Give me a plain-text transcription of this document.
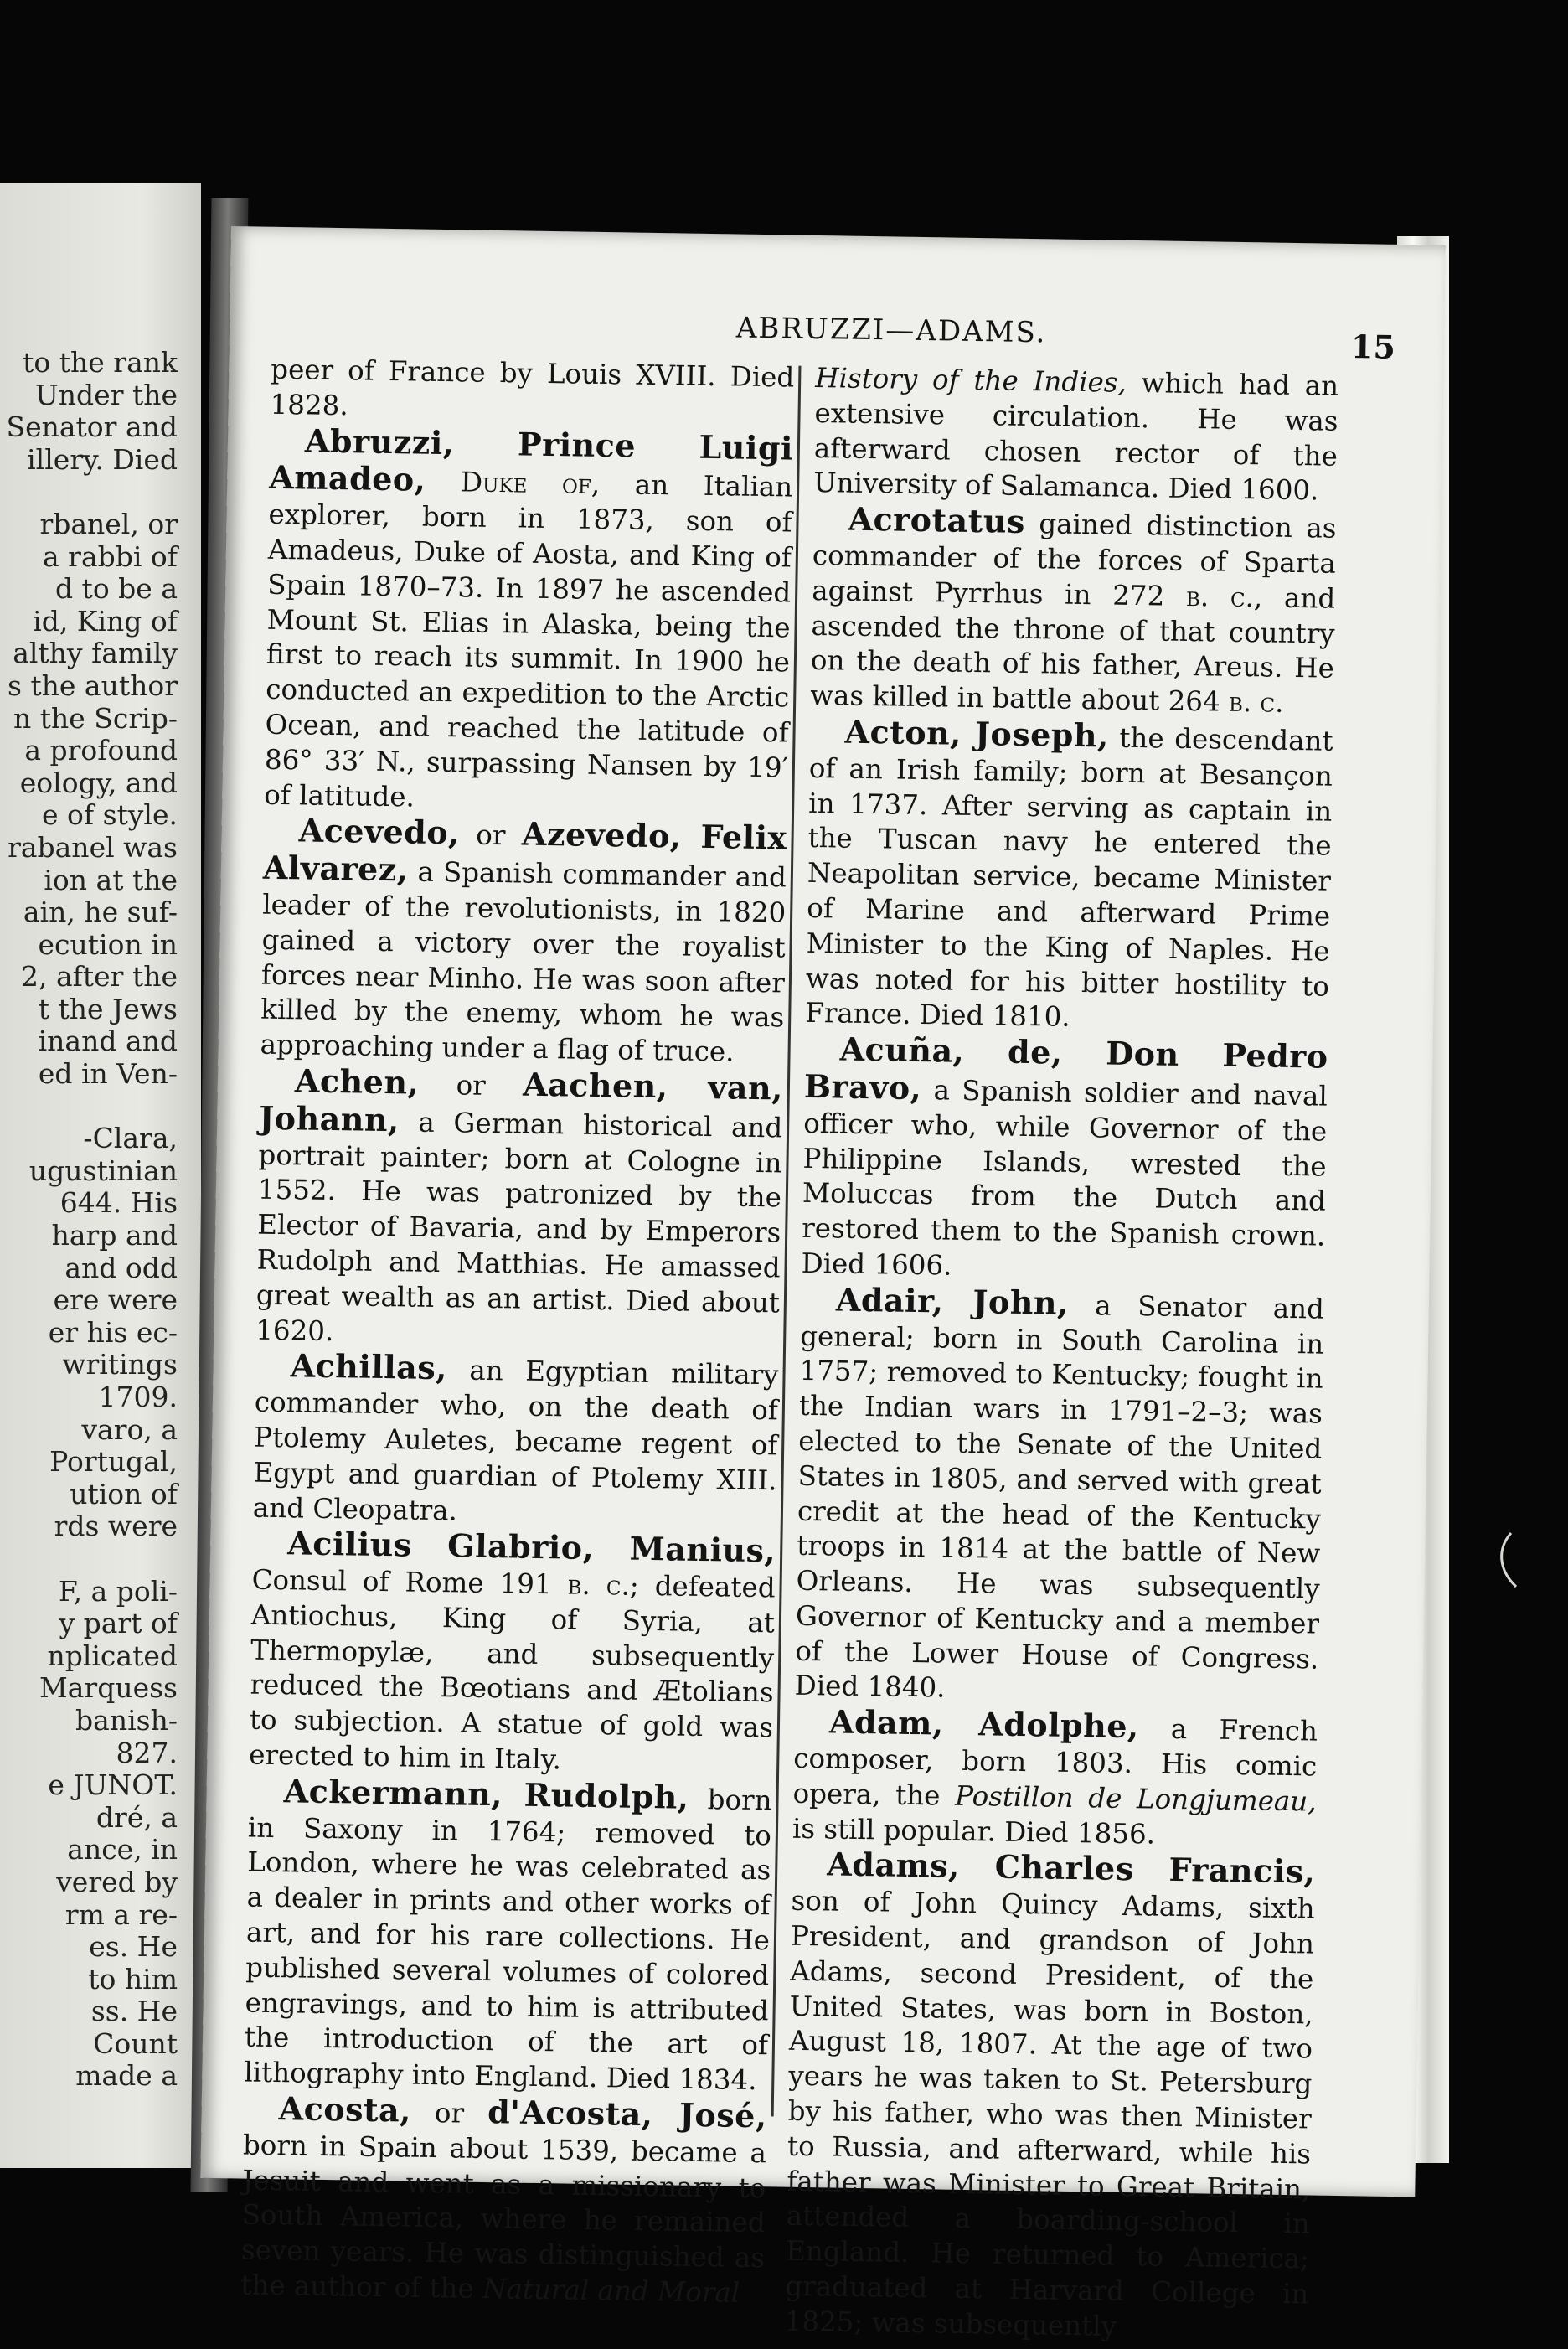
to the rank
Under the
Senator and
illery. Died

rbanel, or
a rabbi of
d to be a
id, King of
althy family
s the author
n the Scrip-
a profound
eology, and
e of style.
rabanel was
ion at the
ain, he suf-
ecution in
2, after the
t the Jews
inand and
ed in Ven-

-Clara,
ugustinian
644. His
harp and
and odd
ere were
er his ec-
writings
1709.
varo, a
Portugal,
ution of
rds were

F, a poli-
y part of
nplicated
Marquess
banish-
827.
e JUNOT.
dré, a
ance, in
vered by
rm a re-
es. He
to him
ss. He
Count
made a
ABRUZZI—ADAMS.	15

peer of France by Louis XVIII. Died 1828.

Abruzzi, Prince Luigi Amadeo, Duke of, an Italian explorer, born in 1873, son of Amadeus, Duke of Aosta, and King of Spain 1870–73. In 1897 he ascended Mount St. Elias in Alaska, being the first to reach its summit. In 1900 he conducted an expedition to the Arctic Ocean, and reached the latitude of 86° 33′ N., surpassing Nansen by 19′ of latitude.

Acevedo, or Azevedo, Felix Alvarez, a Spanish commander and leader of the revolutionists, in 1820 gained a victory over the royalist forces near Minho. He was soon after killed by the enemy, whom he was approaching under a flag of truce.

Achen, or Aachen, van, Johann, a German historical and portrait painter; born at Cologne in 1552. He was patronized by the Elector of Bavaria, and by Emperors Rudolph and Matthias. He amassed great wealth as an artist. Died about 1620.

Achillas, an Egyptian military commander who, on the death of Ptolemy Auletes, became regent of Egypt and guardian of Ptolemy XIII. and Cleopatra.

Acilius Glabrio, Manius, Consul of Rome 191 b. c.; defeated Antiochus, King of Syria, at Thermopylæ, and subsequently reduced the Bœotians and Ætolians to subjection. A statue of gold was erected to him in Italy.

Ackermann, Rudolph, born in Saxony in 1764; removed to London, where he was celebrated as a dealer in prints and other works of art, and for his rare collections. He published several volumes of colored engravings, and to him is attributed the introduction of the art of lithography into England. Died 1834.

Acosta, or d'Acosta, José, born in Spain about 1539, became a Jesuit and went as a missionary to South America, where he remained seven years. He was distinguished as the author of the Natural and Moral

History of the Indies, which had an extensive circulation. He was afterward chosen rector of the University of Salamanca. Died 1600.

Acrotatus gained distinction as commander of the forces of Sparta against Pyrrhus in 272 b. c., and ascended the throne of that country on the death of his father, Areus. He was killed in battle about 264 b. c.

Acton, Joseph, the descendant of an Irish family; born at Besançon in 1737. After serving as captain in the Tuscan navy he entered the Neapolitan service, became Minister of Marine and afterward Prime Minister to the King of Naples. He was noted for his bitter hostility to France. Died 1810.

Acuña, de, Don Pedro Bravo, a Spanish soldier and naval officer who, while Governor of the Philippine Islands, wrested the Moluccas from the Dutch and restored them to the Spanish crown. Died 1606.

Adair, John, a Senator and general; born in South Carolina in 1757; removed to Kentucky; fought in the Indian wars in 1791–2–3; was elected to the Senate of the United States in 1805, and served with great credit at the head of the Kentucky troops in 1814 at the battle of New Orleans. He was subsequently Governor of Kentucky and a member of the Lower House of Congress. Died 1840.

Adam, Adolphe, a French composer, born 1803. His comic opera, the Postillon de Longjumeau, is still popular. Died 1856.

Adams, Charles Francis, son of John Quincy Adams, sixth President, and grandson of John Adams, second President, of the United States, was born in Boston, August 18, 1807. At the age of two years he was taken to St. Petersburg by his father, who was then Minister to Russia, and afterward, while his father was Minister to Great Britain, attended a boarding-school in England. He returned to America; graduated at Harvard College in 1825; was subsequently
